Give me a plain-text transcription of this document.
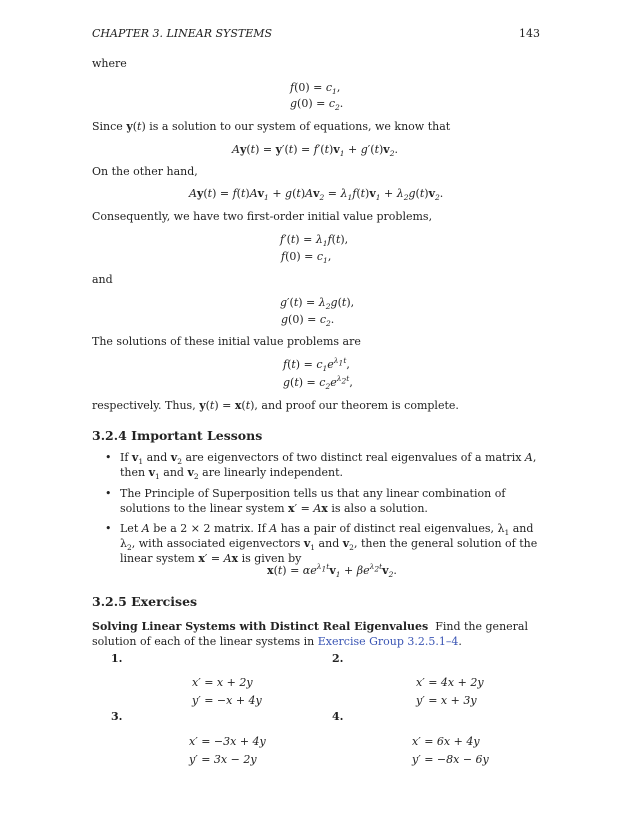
CHAPTER 3. LINEAR SYSTEMS	143

where

$f(0) = c_1$,
$g(0) = c_2$.

Since y(t) is a solution to our system of equations, we know that

$Ay(t) = y'(t) = f'(t)v_1 + g'(t)v_2$.

On the other hand,

$Ay(t) = f(t)Av_1 + g(t)Av_2 = \lambda_1f(t)v_1 + \lambda_2g(t)v_2$.

Consequently, we have two first-order initial value problems,

$f'(t) = \lambda_1f(t)$,
$f(0) = c_1$,

and

$g'(t) = \lambda_2g(t)$,
$g(0) = c_2$.

The solutions of these initial value problems are

$f(t) = c_1e^{\lambda_1t}$,
$g(t) = c_2e^{\lambda_2t}$,

respectively. Thus, y(t) = x(t), and proof our theorem is complete.

3.2.4 Important Lessons
• If $v_1$ and $v_2$ are eigenvectors of two distinct real eigenvalues of a matrix A, then $v_1$ and $v_2$ are linearly independent.
• The Principle of Superposition tells us that any linear combination of solutions to the linear system x′ = Ax is also a solution.
• Let A be a 2 × 2 matrix. If A has a pair of distinct real eigenvalues, $\lambda_1$ and $\lambda_2$, with associated eigenvectors $v_1$ and $v_2$, then the general solution of the linear system x′ = Ax is given by
$x(t) = \alpha e^{\lambda_1t}v_1 + \beta e^{\lambda_2t}v_2$.
3.2.5 Exercises

Solving Linear Systems with Distinct Real Eigenvalues Find the general solution of each of the linear systems in Exercise Group 3.2.5.1–4.

1.
x′ = x + 2y
y′ = −x + 4y
2.
x′ = 4x + 2y
y′ = x + 3y
3.
x′ = −3x + 4y
y′ = 3x − 2y
4.
x′ = 6x + 4y
y′ = −8x − 6y
